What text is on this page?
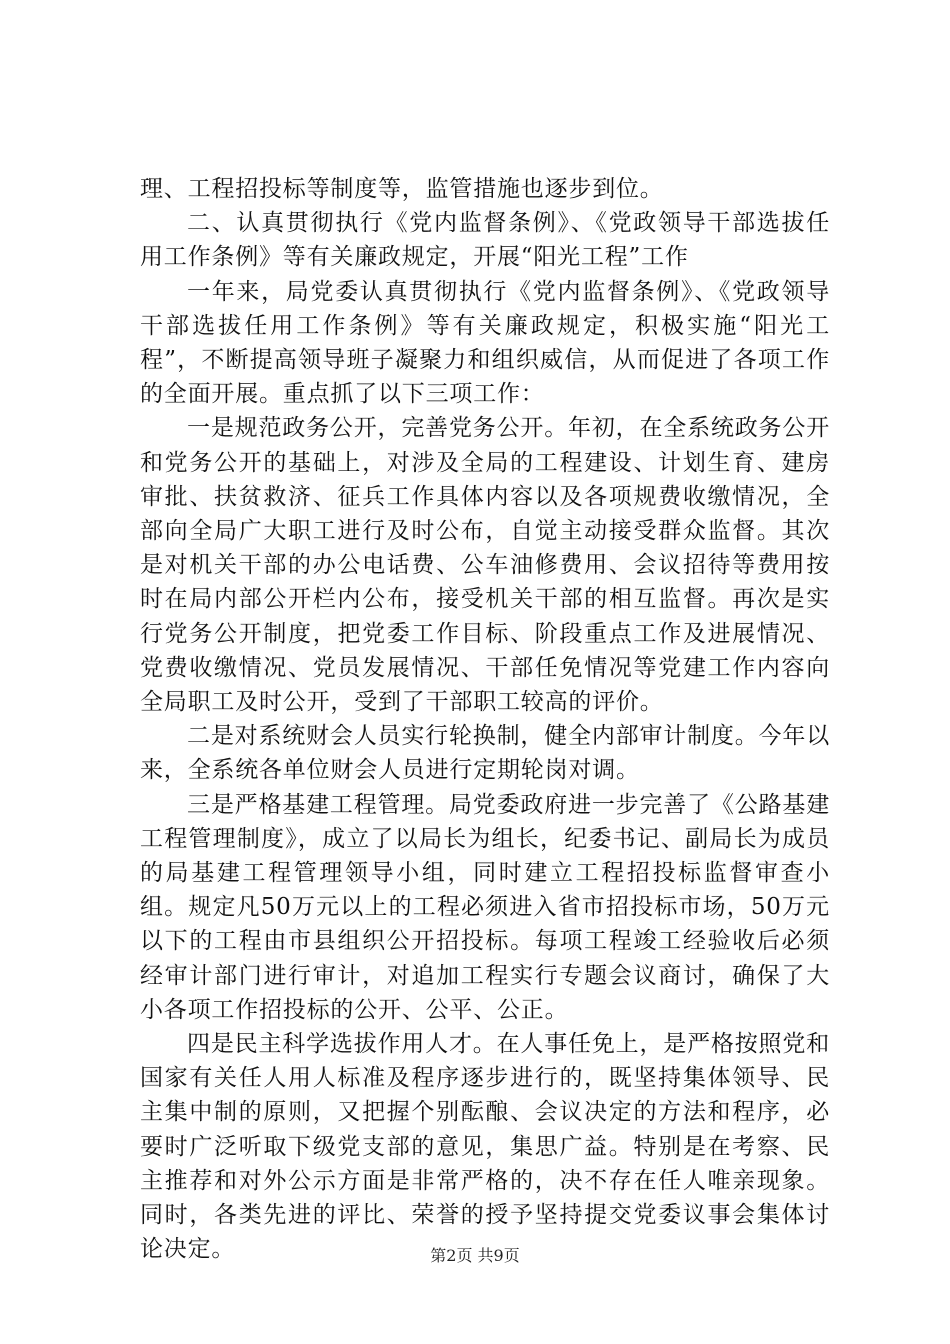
理、工程招投标等制度等，监管措施也逐步到位。

二、认真贯彻执行《党内监督条例》、《党政领导干部选拔任用工作条例》等有关廉政规定，开展“阳光工程”工作

一年来，局党委认真贯彻执行《党内监督条例》、《党政领导干部选拔任用工作条例》等有关廉政规定，积极实施“阳光工程”，不断提高领导班子凝聚力和组织威信，从而促进了各项工作的全面开展。重点抓了以下三项工作：

一是规范政务公开，完善党务公开。年初，在全系统政务公开和党务公开的基础上，对涉及全局的工程建设、计划生育、建房审批、扶贫救济、征兵工作具体内容以及各项规费收缴情况，全部向全局广大职工进行及时公布，自觉主动接受群众监督。其次是对机关干部的办公电话费、公车油修费用、会议招待等费用按时在局内部公开栏内公布，接受机关干部的相互监督。再次是实行党务公开制度，把党委工作目标、阶段重点工作及进展情况、党费收缴情况、党员发展情况、干部任免情况等党建工作内容向全局职工及时公开，受到了干部职工较高的评价。

二是对系统财会人员实行轮换制，健全内部审计制度。今年以来，全系统各单位财会人员进行定期轮岗对调。

三是严格基建工程管理。局党委政府进一步完善了《公路基建工程管理制度》，成立了以局长为组长，纪委书记、副局长为成员的局基建工程管理领导小组，同时建立工程招投标监督审查小组。规定凡50万元以上的工程必须进入省市招投标市场，50万元以下的工程由市县组织公开招投标。每项工程竣工经验收后必须经审计部门进行审计，对追加工程实行专题会议商讨，确保了大小各项工作招投标的公开、公平、公正。

四是民主科学选拔作用人才。在人事任免上，是严格按照党和国家有关任人用人标准及程序逐步进行的，既坚持集体领导、民主集中制的原则，又把握个别酝酿、会议决定的方法和程序，必要时广泛听取下级党支部的意见，集思广益。特别是在考察、民主推荐和对外公示方面是非常严格的，决不存在任人唯亲现象。同时，各类先进的评比、荣誉的授予坚持提交党委议事会集体讨论决定。	第2页 共9页
